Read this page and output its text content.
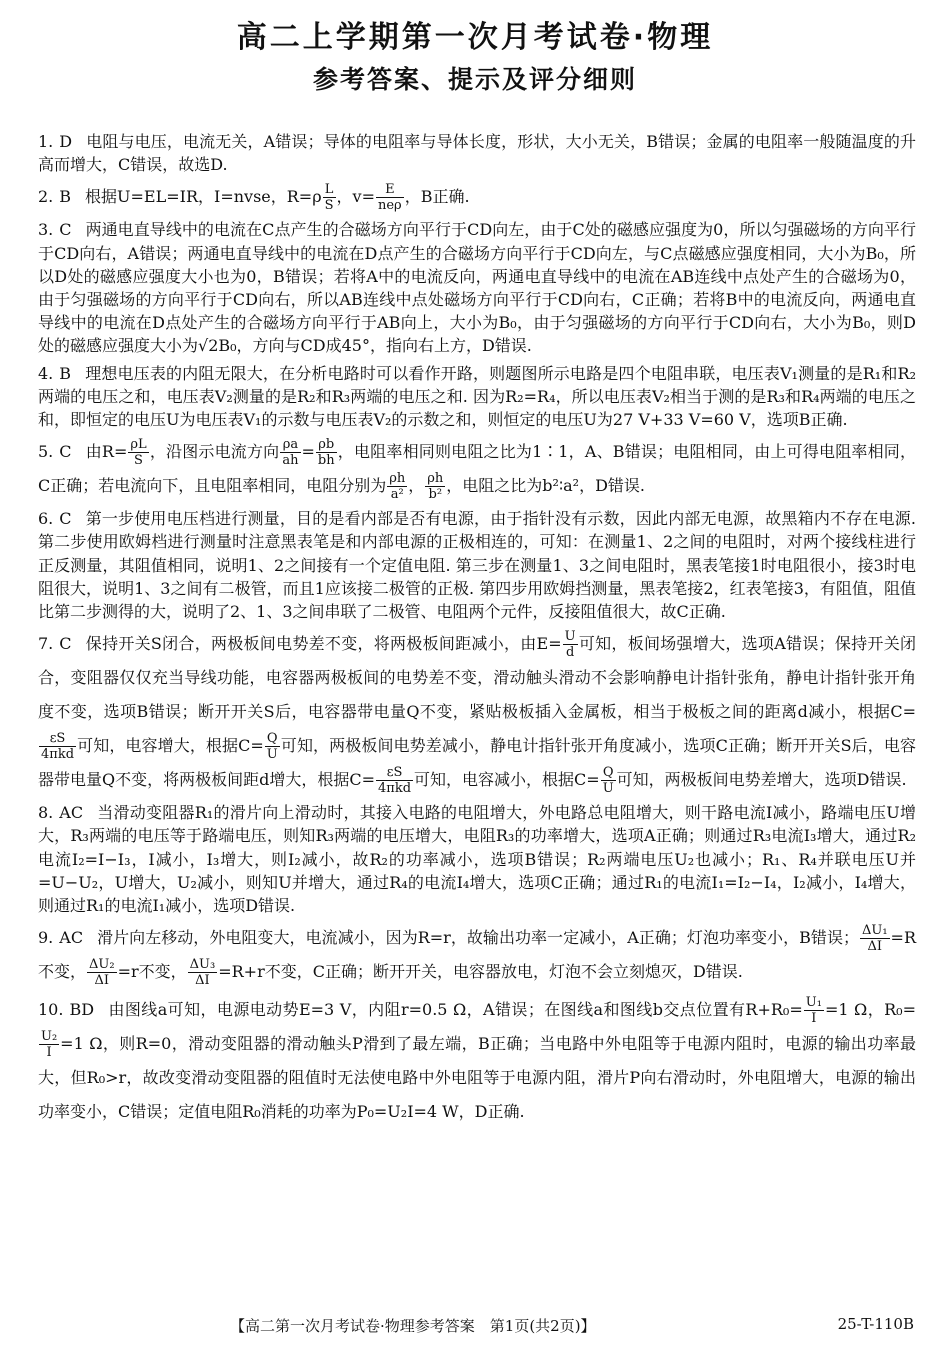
高二上学期第一次月考试卷·物理
参考答案、提示及评分细则
1. D 电阻与电压，电流无关，A错误；导体的电阻率与导体长度，形状，大小无关，B错误；金属的电阻率一般随温度的升高而增大，C错误，故选D.
2. B 根据U=EL=IR，I=nvse，$R=\rho \frac{L}{S}$ ，$v= \frac{E}{\text{neρ}}$ ，B正确.
3. C 两通电直导线中的电流在C点产生的合磁场方向平行于CD向左，由于C处的磁感应强度为0，所以匀强磁场的方向平行于CD向右，A错误；两通电直导线中的电流在D点产生的合磁场方向平行于CD向左，与C点磁感应强度相同，大小为B₀，所以D处的磁感应强度大小也为0，B错误；若将A中的电流反向，两通电直导线中的电流在AB连线中点处产生的合磁场为0，由于匀强磁场的方向平行于CD向右，所以AB连线中点处磁场方向平行于CD向右，C正确；若将B中的电流反向，两通电直导线中的电流在D点处产生的合磁场方向平行于AB向上，大小为B₀，由于匀强磁场的方向平行于CD向右，大小为B₀，则D处的磁感应强度大小为√2B₀，方向与CD成45°，指向右上方，D错误.
4. B 理想电压表的内阻无限大，在分析电路时可以看作开路，则题图所示电路是四个电阻串联，电压表V₁测量的是R₁和R₂两端的电压之和，电压表V₂测量的是R₂和R₃两端的电压之和. 因为R₂=R₄，所以电压表V₂相当于测的是R₃和R₄两端的电压之和，即恒定的电压U为电压表V₁的示数与电压表V₂的示数之和，则恒定的电压U为27 V+33 V=60 V，选项B正确.
5. C 由$R= \frac{\rho L}{S}$ ，沿图示电流方向 $\frac{\rho a}{ah} = \frac{\rho b}{bh}$ ，电阻率相同则电阻之比为1∶1，A、B错误；电阻相同，由上可得电阻率相同，C正确；若电流向下，且电阻率相同，电阻分别为 $\frac{\rho h}{\text{a²}}$ ， $\frac{\rho h}{\text{b²}}$ ，电阻之比为b²∶a²，D错误.
6. C 第一步使用电压档进行测量，目的是看内部是否有电源，由于指针没有示数，因此内部无电源，故黑箱内不存在电源. 第二步使用欧姆档进行测量时注意黑表笔是和内部电源的正极相连的，可知：在测量1、2之间的电阻时，对两个接线柱进行正反测量，其阻值相同，说明1、2之间接有一个定值电阻. 第三步在测量1、3之间电阻时，黑表笔接1时电阻很小，接3时电阻很大，说明1、3之间有二极管，而且1应该接二极管的正极. 第四步用欧姆挡测量，黑表笔接2，红表笔接3，有阻值，阻值比第二步测得的大，说明了2、1、3之间串联了二极管、电阻两个元件，反接阻值很大，故C正确.
7. C 保持开关S闭合，两极板间电势差不变，将两极板间距减小，由$E= \frac{U}{d}$ 可知，板间场强增大，选项A错误；保持开关闭合，变阻器仅仅充当导线功能，电容器两极板间的电势差不变，滑动触头滑动不会影响静电计指针张角，静电计指针张开角度不变，选项B错误；断开开关S后，电容器带电量Q不变，紧贴极板插入金属板，相当于极板之间的距离d减小，根据C=
$\frac{\varepsilon S}{\text{4πkd}}$ 可知，电容增大，根据$C= \frac{Q}{U}$ 可知，两极板间电势差减小，静电计指针张开角度减小，选项C正确；断开开关S后，电容器带电量Q不变，将两极板间距d增大，根据$C= \frac{\varepsilon S}{\text{4πkd}}$ 可知，电容减小，根据$C= \frac{Q}{U}$ 可知，两极板间电势差增大，选项D错误.
8. AC 当滑动变阻器R₁的滑片向上滑动时，其接入电路的电阻增大，外电路总电阻增大，则干路电流I减小，路端电压U增大，R₃两端的电压等于路端电压，则知R₃两端的电压增大，电阻R₃的功率增大，选项A正确；则通过R₃电流I₃增大，通过R₂电流I₂=I−I₃，I减小，I₃增大，则I₂减小，故R₂的功率减小，选项B错误；R₂两端电压U₂也减小；R₁、R₄并联电压U并=U−U₂，U增大，U₂减小，则知U并增大，通过R₄的电流I₄增大，选项C正确；通过R₁的电流I₁=I₂−I₄，I₂减小，I₄增大，则通过R₁的电流I₁减小，选项D错误.
9. AC 滑片向左移动，外电阻变大，电流减小，因为R=r，故输出功率一定减小，A正确；灯泡功率变小，B错误； $\frac{\text{ΔU₁}}{\Delta I} =R$不变， $\frac{\text{ΔU₂}}{\Delta I} =r$不变， $\frac{\text{ΔU₃}}{\Delta I} =R+r$不变，C正确；断开开关，电容器放电，灯泡不会立刻熄灭，D错误.
10. BD 由图线a可知，电源电动势E=3 V，内阻r=0.5 Ω，A错误；在图线a和图线b交点位置有$R+R_0= \frac{\text{U₁}}{I} =1$ Ω，R₀=
$\frac{\text{U₂}}{I} =1$ Ω，则R=0，滑动变阻器的滑动触头P滑到了最左端，B正确；当电路中外电阻等于电源内阻时，电源的输出功率最大，但R₀>r，故改变滑动变阻器的阻值时无法使电路中外电阻等于电源内阻，滑片P向右滑动时，外电阻增大，电源的输出功率变小，C错误；定值电阻R₀消耗的功率为P₀=U₂I=4 W，D正确.
【高二第一次月考试卷·物理参考答案　第1页(共2页)】	25-T-110B
